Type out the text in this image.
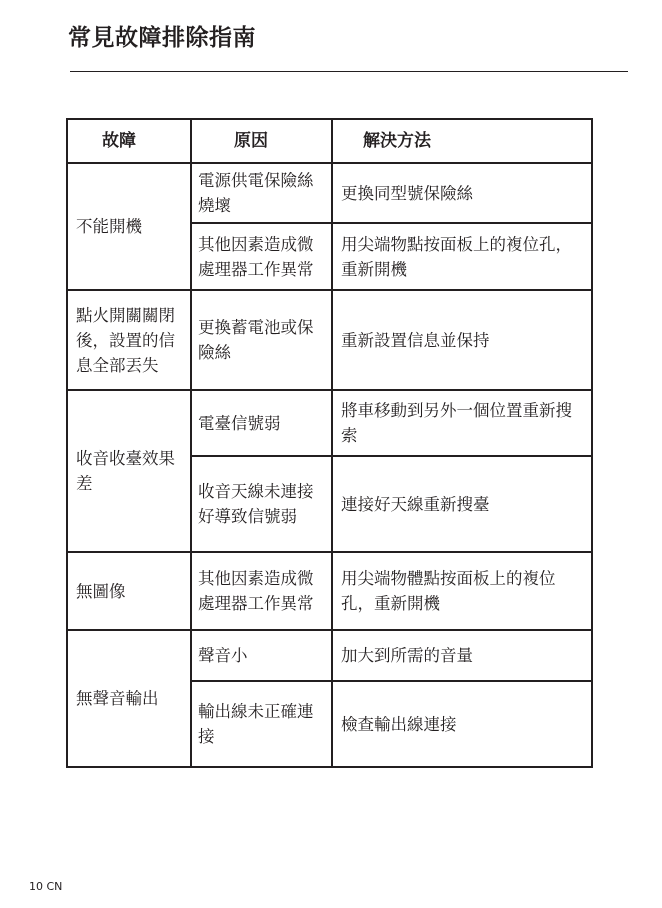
常見故障排除指南
故障	原因	解決方法
不能開機	電源供電保險絲燒壞	更換同型號保險絲
	其他因素造成微處理器工作異常	用尖端物點按面板上的複位孔，重新開機
點火開關關閉後，設置的信息全部丟失	更換蓄電池或保險絲	重新設置信息並保持
收音收臺效果差	電臺信號弱	將車移動到另外一個位置重新搜索
	收音天線未連接好導致信號弱	連接好天線重新搜臺
無圖像	其他因素造成微處理器工作異常	用尖端物體點按面板上的複位孔，重新開機
無聲音輸出	聲音小	加大到所需的音量
	輸出線未正確連接	檢查輸出線連接
10 CN
